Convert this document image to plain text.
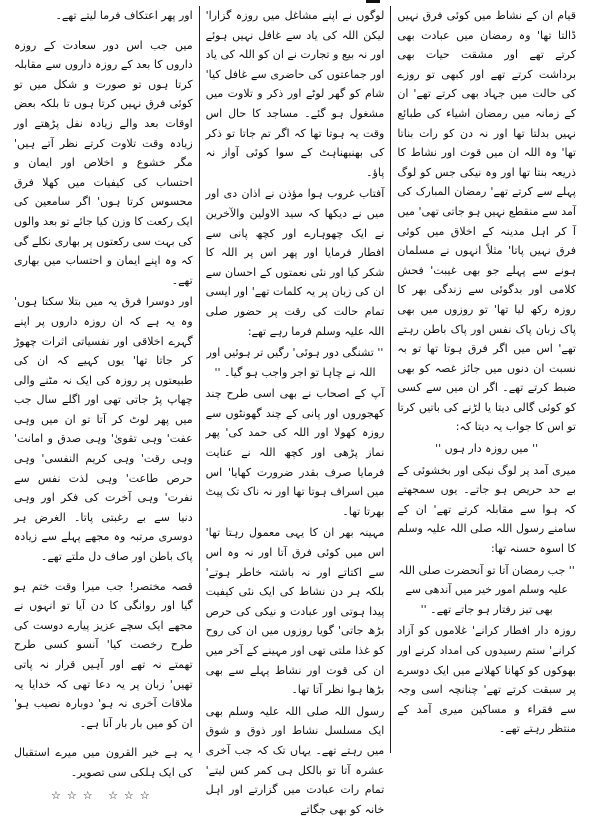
قیام ان کے نشاط میں کوئی فرق نہیں ڈالتا تھا' وہ رمضان میں عبادت بھی کرتے تھے اور مشقت حیات بھی برداشت کرتے تھے اور کبھی تو روزے کی حالت میں جہاد بھی کرتے تھے' ان کے زمانہ میں رمضان اشیاء کی طبائع نہیں بدلتا تھا اور نہ دن کو رات بناتا تھا' وہ اللہ ان میں قوت اور نشاط کا ذریعہ بنتا تھا اور وہ نیکی جس کو لوگ پہلے سے کرتے تھے' رمضان المبارک کی آمد سے منقطع نہیں ہو جاتی تھی' میں آ کر اہل مدینہ کے اخلاق میں کوئی فرق نہیں پاتا' مثلاً انہوں نے مسلمان ہونے سے پہلے جو بھی غیبت' فحش کلامی اور بدگوئی سے زندگی بھر کا روزہ رکھ لیا تھا' تو روزوں میں بھی پاک زبان پاک نفس اور پاک باطن رہتے تھے' اس میں اگر فرق ہوتا تھا تو بہ نسبت ان دنوں میں جائز غصہ کو بھی ضبط کرتے تھے۔ اگر ان میں سے کسی کو کوئی گالی دیتا یا لڑنے کی باتیں کرتا تو اس کا جواب یہ دیتا کہ:

'' میں روزہ دار ہوں ''

میری آمد پر لوگ نیکی اور بخشوئی کے بے حد حریص ہو جاتے۔ یوں سمجھتے کہ ہوا سے مقابلہ کرتے تھے' ان کے سامنے رسول اللہ صلی اللہ علیہ وسلم کا اسوہ حسنہ تھا:

'' جب رمضان آتا تو آنحضرت صلی اللہ علیہ وسلم امور خیر میں آندھی سے بھی تیز رفتار ہو جاتے تھے۔ ''

روزہ دار افطار کرانے' غلاموں کو آزاد کرانے' ستم رسیدوں کی امداد کرنے اور بھوکوں کو کھانا کھلانے میں ایک دوسرے پر سبقت کرتے تھے' چنانچہ اسی وجہ سے فقراء و مساکین میری آمد کے منتظر رہتے تھے۔

لوگوں نے اپنے مشاغل میں روزہ گزارا' لیکن اللہ کی یاد سے غافل نہیں ہوئے اور نہ بیع و تجارت نے ان کو اللہ کی یاد اور جماعتوں کی حاضری سے غافل کیا' شام کو گھر لوٹے اور ذکر و تلاوت میں مشغول ہو گئے۔ مساجد کا حال اس وقت یہ ہوتا تھا کہ اگر تم جاتا تو ذکر کی بھنبھناہٹ کے سوا کوئی آواز نہ پاؤ۔

آفتاب غروب ہوا مؤذن نے اذان دی اور میں نے دیکھا کہ سید الاولین والآخرین نے ایک چھوہارے اور کچھ پانی سے افطار فرمایا اور پھر اس پر اللہ کا شکر کیا اور نئی نعمتوں کے احسان سے ان کی زبان پر یہ کلمات تھے' اور ایسی تمام حالت کی رقت پر حضور صلی اللہ علیہ وسلم فرما رہے تھے:

'' تشنگی دور ہوئی' رگیں تر ہوئیں اور اللہ نے چاہا تو اجر واجب ہو گیا۔ ''

آپ کے اصحاب نے بھی اسی طرح چند کھجوروں اور پانی کے چند گھونٹوں سے روزہ کھولا اور اللہ کی حمد کی' پھر نماز پڑھی اور کچھ اللہ نے عنایت فرمایا صرف بقدر ضرورت کھایا' اس میں اسراف ہوتا تھا اور نہ ناک تک پیٹ بھرتا تھا۔

مہینہ بھر ان کا یہی معمول رہتا تھا' اس میں کوئی فرق آتا اور نہ وہ اس سے اکتاتے اور نہ باشتہ خاطر ہوتے' بلکہ ہر دن نشاط کی ایک نئی کیفیت پیدا ہوتی اور عبادت و نیکی کی حرص بڑھ جاتی' گویا روزوں میں ان کی روح کو غذا ملتی تھی اور مہینے کے آخر میں ان کی قوت اور نشاط پہلے سے بھی بڑھا ہوا نظر آتا تھا۔

رسول اللہ صلی اللہ علیہ وسلم بھی ایک مسلسل نشاط اور ذوق و شوق میں رہتے تھے۔ یہاں تک کہ جب آخری عشرہ آتا تو بالکل ہی کمر کس لیتے' تمام رات عبادت میں گزارتے اور اہل خانہ کو بھی جگاتے

اور پھر اعتکاف فرما لیتے تھے۔

میں جب اس دور سعادت کے روزہ داروں کا بعد کے روزہ داروں سے مقابلہ کرتا ہوں تو صورت و شکل میں تو کوئی فرق نہیں کرتا ہوں تا بلکہ بعض اوقات بعد والے زیادہ نفل پڑھتے اور زیادہ وقت تلاوت کرتے نظر آتے ہیں' مگر خشوع و اخلاص اور ایمان و احتساب کی کیفیات میں کھلا فرق محسوس کرتا ہوں' اگر سامعین کی ایک رکعت کا وزن کیا جائے تو بعد والوں کی بہت سی رکعتوں پر بھاری نکلے گی کہ وہ اپنے ایمان و احتساب میں بھاری تھے۔

اور دوسرا فرق یہ میں بتلا سکتا ہوں' وہ یہ ہے کہ ان روزہ داروں پر اپنے گہرے اخلاقی اور نفسیاتی اثرات چھوڑ کر جاتا تھا' یوں کہیے کہ ان کی طبیعتوں پر روزہ کی ایک نہ مٹنے والی چھاپ پڑ جاتی تھی اور اگلے سال جب میں پھر لوٹ کر آتا تو ان میں وہی عفت' وہی تقویٰ' وہی صدق و امانت' وہی رقت' وہی کریم النفسی' وہی حرص طاعت' وہی لذت نفس سے نفرت' وہی آخرت کی فکر اور وہی دنیا سے بے رغبتی پاتا۔ الغرض ہر دوسری مرتبہ وہ مجھے پہلے سے زیادہ پاک باطن اور صاف دل ملتے تھے۔

قصہ مختصر! جب میرا وقت ختم ہو گیا اور روانگی کا دن آیا تو انہوں نے مجھے ایک سچے عزیز پیارے دوست کی طرح رخصت کیا' آنسو کسی طرح تھمتے نہ تھے اور آہیں قرار نہ پاتی تھیں' زبان پر یہ دعا تھی کہ خدایا یہ ملاقات آخری نہ ہو' دوبارہ نصیب ہو' ان کو میں بار بار آنا ہے۔

یہ ہے خیر القرون میں میرے استقبال کی ایک ہلکی سی تصویر۔

☆☆☆ ☆☆☆
